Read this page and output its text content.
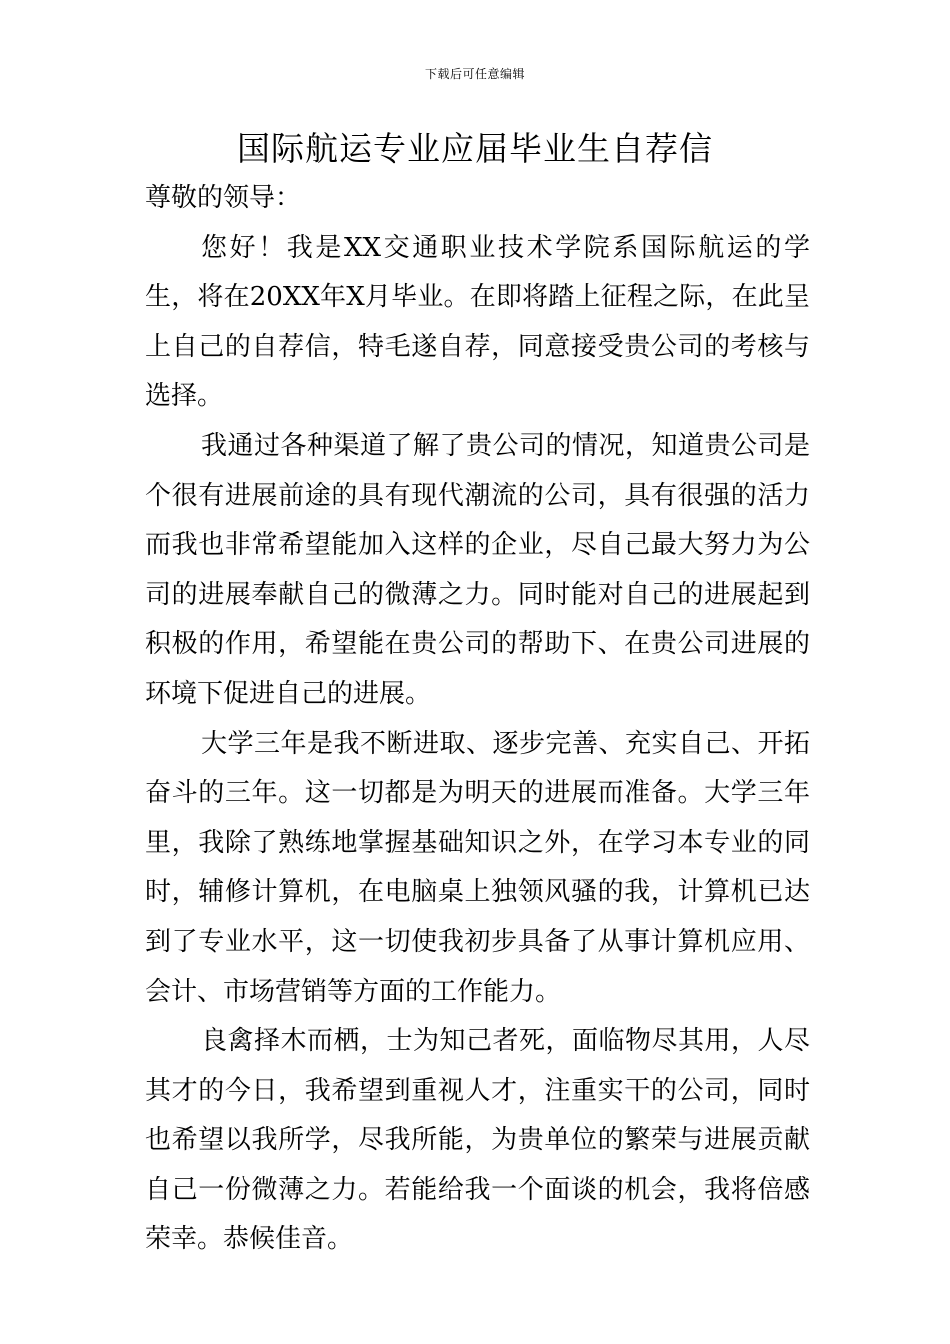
下载后可任意编辑
国际航运专业应届毕业生自荐信

尊敬的领导：

您好！我是XX交通职业技术学院系国际航运的学生，将在20XX年X月毕业。在即将踏上征程之际，在此呈上自己的自荐信，特毛遂自荐，同意接受贵公司的考核与选择。

我通过各种渠道了解了贵公司的情况，知道贵公司是个很有进展前途的具有现代潮流的公司，具有很强的活力而我也非常希望能加入这样的企业，尽自己最大努力为公司的进展奉献自己的微薄之力。同时能对自己的进展起到积极的作用，希望能在贵公司的帮助下、在贵公司进展的环境下促进自己的进展。

大学三年是我不断进取、逐步完善、充实自己、开拓奋斗的三年。这一切都是为明天的进展而准备。大学三年里，我除了熟练地掌握基础知识之外，在学习本专业的同时，辅修计算机，在电脑桌上独领风骚的我，计算机已达到了专业水平，这一切使我初步具备了从事计算机应用、会计、市场营销等方面的工作能力。

良禽择木而栖，士为知己者死，面临物尽其用，人尽其才的今日，我希望到重视人才，注重实干的公司，同时也希望以我所学，尽我所能，为贵单位的繁荣与进展贡献自己一份微薄之力。若能给我一个面谈的机会，我将倍感荣幸。恭候佳音。
